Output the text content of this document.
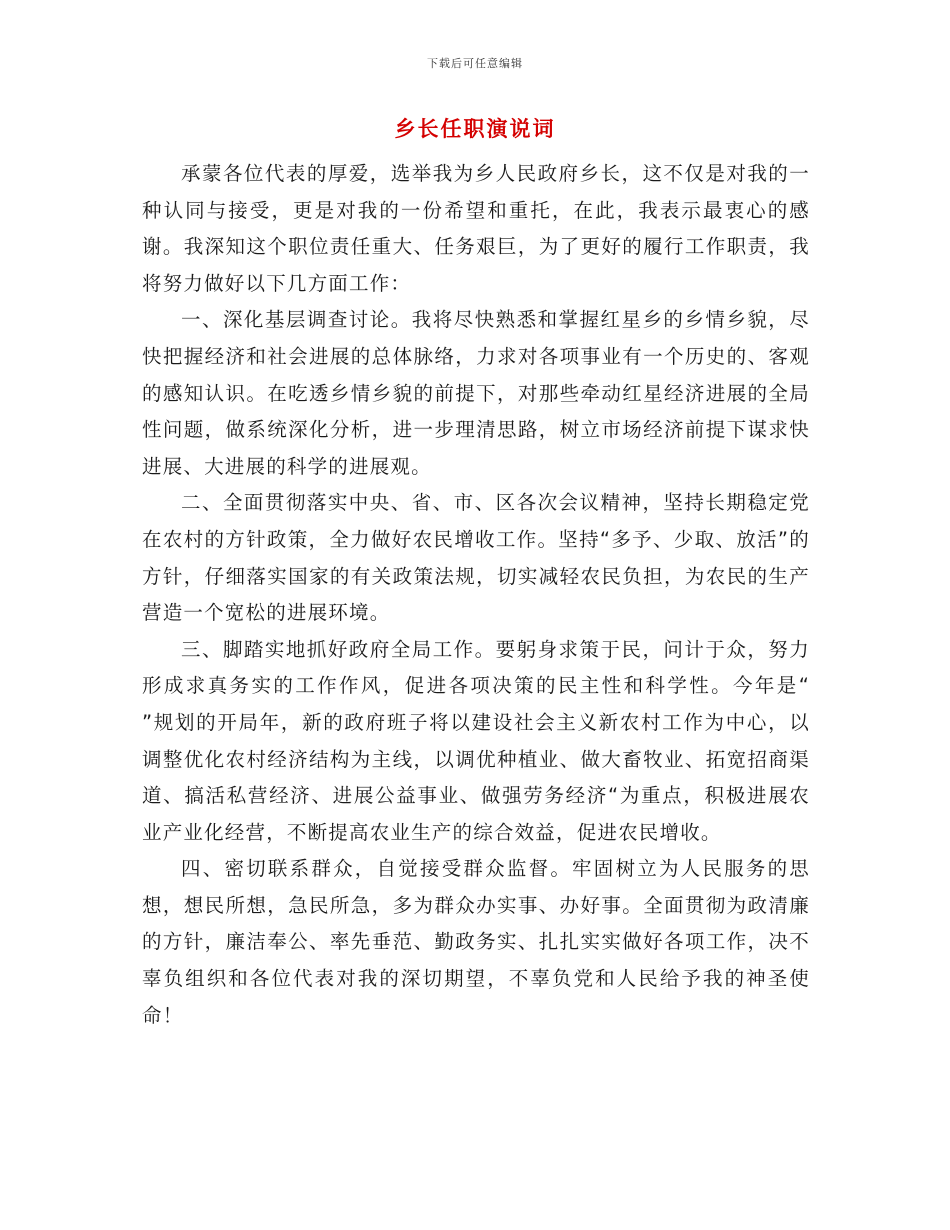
下载后可任意编辑
乡长任职演说词

承蒙各位代表的厚爱，选举我为乡人民政府乡长，这不仅是对我的一种认同与接受，更是对我的一份希望和重托，在此，我表示最衷心的感谢。我深知这个职位责任重大、任务艰巨，为了更好的履行工作职责，我将努力做好以下几方面工作：

一、深化基层调查讨论。我将尽快熟悉和掌握红星乡的乡情乡貌，尽快把握经济和社会进展的总体脉络，力求对各项事业有一个历史的、客观的感知认识。在吃透乡情乡貌的前提下，对那些牵动红星经济进展的全局性问题，做系统深化分析，进一步理清思路，树立市场经济前提下谋求快进展、大进展的科学的进展观。

二、全面贯彻落实中央、省、市、区各次会议精神，坚持长期稳定党在农村的方针政策，全力做好农民增收工作。坚持“多予、少取、放活”的方针，仔细落实国家的有关政策法规，切实减轻农民负担，为农民的生产营造一个宽松的进展环境。

三、脚踏实地抓好政府全局工作。要躬身求策于民，问计于众，努力形成求真务实的工作作风，促进各项决策的民主性和科学性。今年是“ ”规划的开局年，新的政府班子将以建设社会主义新农村工作为中心，以调整优化农村经济结构为主线，以调优种植业、做大畜牧业、拓宽招商渠道、搞活私营经济、进展公益事业、做强劳务经济“为重点，积极进展农业产业化经营，不断提高农业生产的综合效益，促进农民增收。

四、密切联系群众，自觉接受群众监督。牢固树立为人民服务的思想，想民所想，急民所急，多为群众办实事、办好事。全面贯彻为政清廉的方针，廉洁奉公、率先垂范、勤政务实、扎扎实实做好各项工作，决不辜负组织和各位代表对我的深切期望，不辜负党和人民给予我的神圣使命！
